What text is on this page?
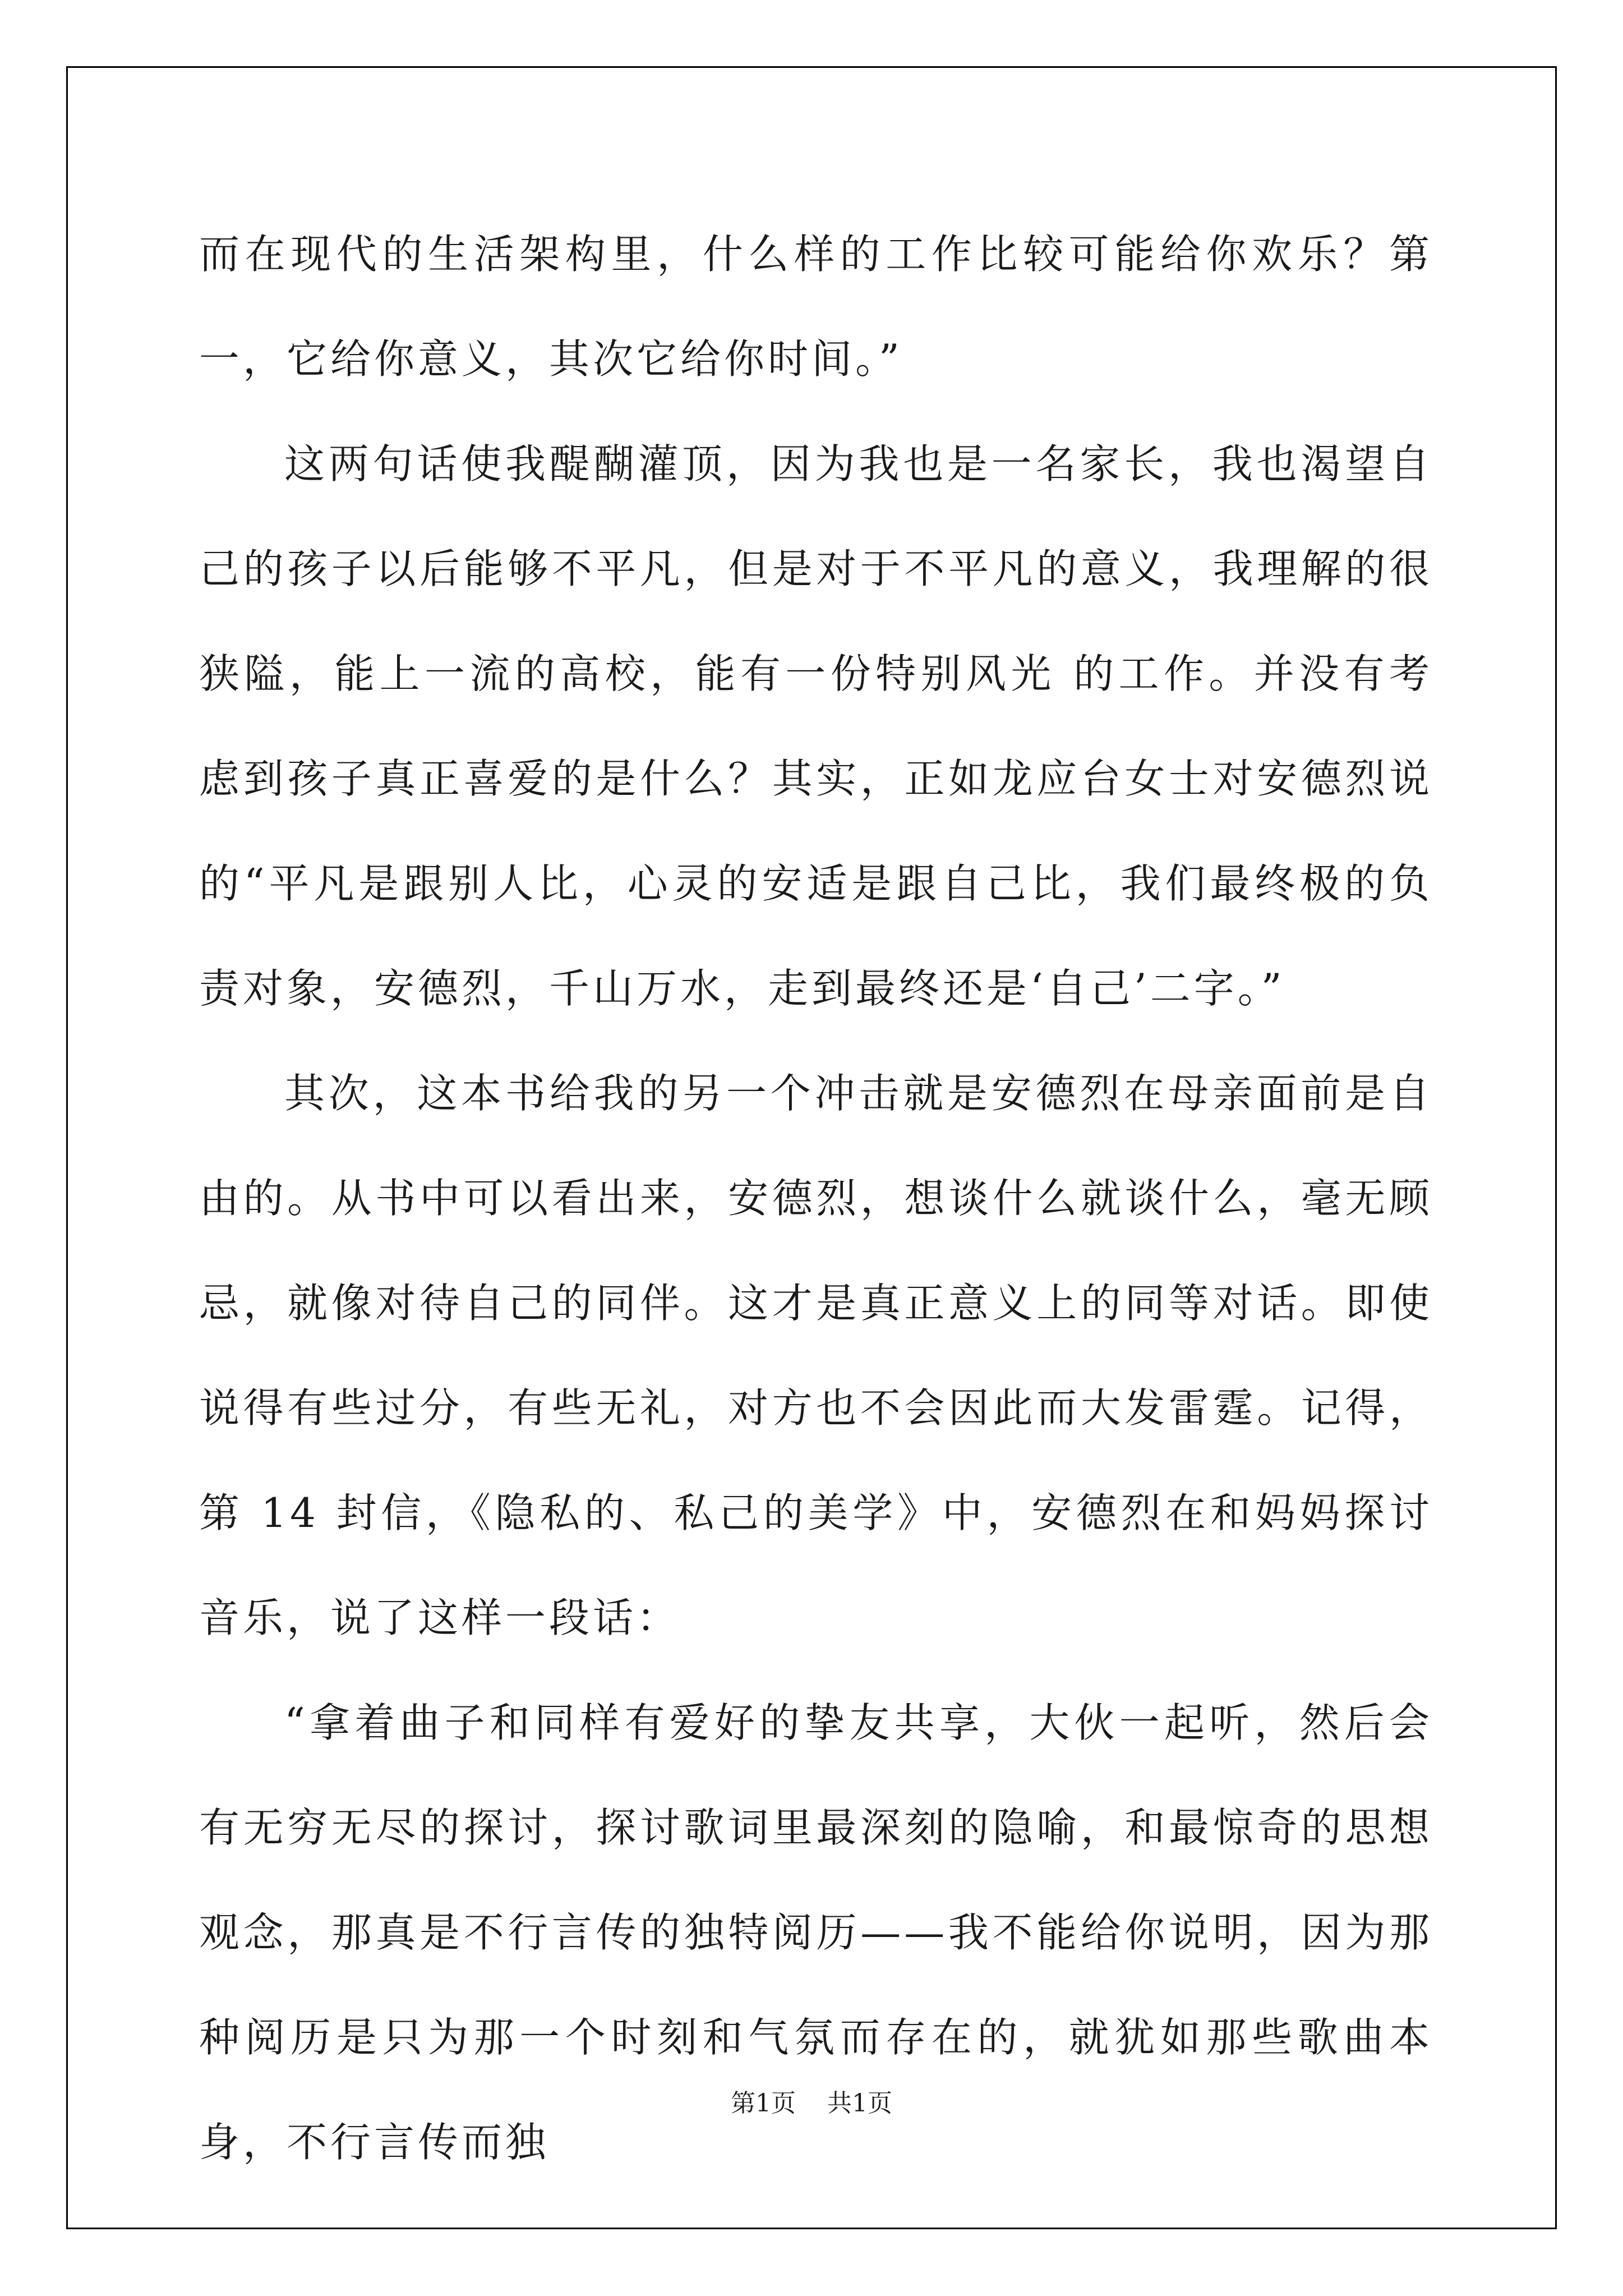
而在现代的生活架构里，什么样的工作比较可能给你欢乐？第一，它给你意义，其次它给你时间。”

这两句话使我醍醐灌顶，因为我也是一名家长，我也渴望自己的孩子以后能够不平凡，但是对于不平凡的意义，我理解的很狭隘，能上一流的高校，能有一份特别风光 的工作。并没有考虑到孩子真正喜爱的是什么？其实，正如龙应台女士对安德烈说的“平凡是跟别人比，心灵的安适是跟自己比，我们最终极的负责对象，安德烈，千山万水，走到最终还是‘自己’二字。”

其次，这本书给我的另一个冲击就是安德烈在母亲面前是自由的。从书中可以看出来，安德烈，想谈什么就谈什么，毫无顾忌，就像对待自己的同伴。这才是真正意义上的同等对话。即使说得有些过分，有些无礼，对方也不会因此而大发雷霆。记得，第 14 封信，《隐私的、私己的美学》中，安德烈在和妈妈探讨音乐，说了这样一段话：

“拿着曲子和同样有爱好的挚友共享，大伙一起听，然后会有无穷无尽的探讨，探讨歌词里最深刻的隐喻，和最惊奇的思想观念，那真是不行言传的独特阅历——我不能给你说明，因为那种阅历是只为那一个时刻和气氛而存在的，就犹如那些歌曲本身，不行言传而独

第1页 共1页
